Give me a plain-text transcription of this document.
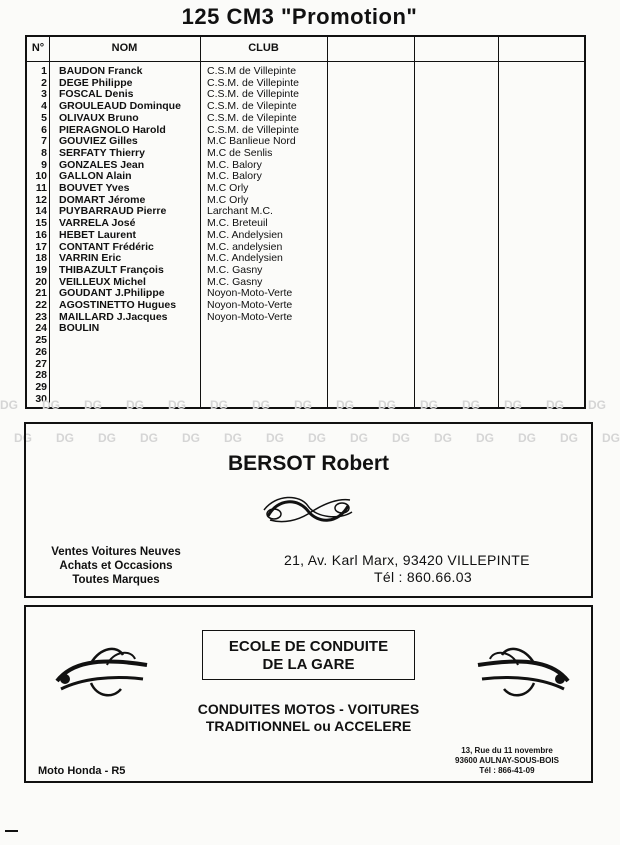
125 CM3 "Promotion"
N°	NOM	CLUB
1 BAUDON Franck	C.S.M de Villepinte
2 DEGE Philippe	C.S.M. de Villepinte
3 FOSCAL Denis	C.S.M. de Villepinte
4 GROULEAUD Dominque C.S.M. de Vilepinte
5 OLIVAUX Bruno	C.S.M. de Vilepinte
6 PIERAGNOLO Harold	C.S.M. de Villepinte
7 GOUVIEZ Gilles	M.C Banlieue Nord
8 SERFATY Thierry	M.C de Senlis
9 GONZALES Jean	M.C. Balory
10 GALLON Alain	M.C. Balory
11 BOUVET Yves	M.C Orly
12 DOMART Jérome	M.C Orly
14 PUYBARRAUD Pierre	Larchant M.C.
15 VARRELA José	M.C. Breteuil
16 HEBET Laurent	M.C. Andelysien
17 CONTANT Frédéric	M.C. andelysien
18 VARRIN Eric	M.C. Andelysien
19 THIBAZULT François	M.C. Gasny
20 VEILLEUX Michel	M.C. Gasny
21 GOUDANT J.Philippe	Noyon-Moto-Verte
22 AGOSTINETTO Hugues	Noyon-Moto-Verte
23 MAILLARD J.Jacques	Noyon-Moto-Verte
24 BOULIN
25
26
27
28
29
30
DG DG DG DG DG DG DG DG DG DG DG DG DG DG DG
DG DG DG DG DG DG DG DG DG DG DG DG DG DG DG
BERSOT Robert
Ventes Voitures Neuves
Achats et Occasions
Toutes Marques
21, Av. Karl Marx, 93420 VILLEPINTE
Tél : 860.66.03
ECOLE DE CONDUITE
DE LA GARE
CONDUITES MOTOS - VOITURES
TRADITIONNEL ou ACCELERE
13, Rue du 11 novembre
93600 AULNAY-SOUS-BOIS
Tél : 866-41-09
Moto Honda - R5
